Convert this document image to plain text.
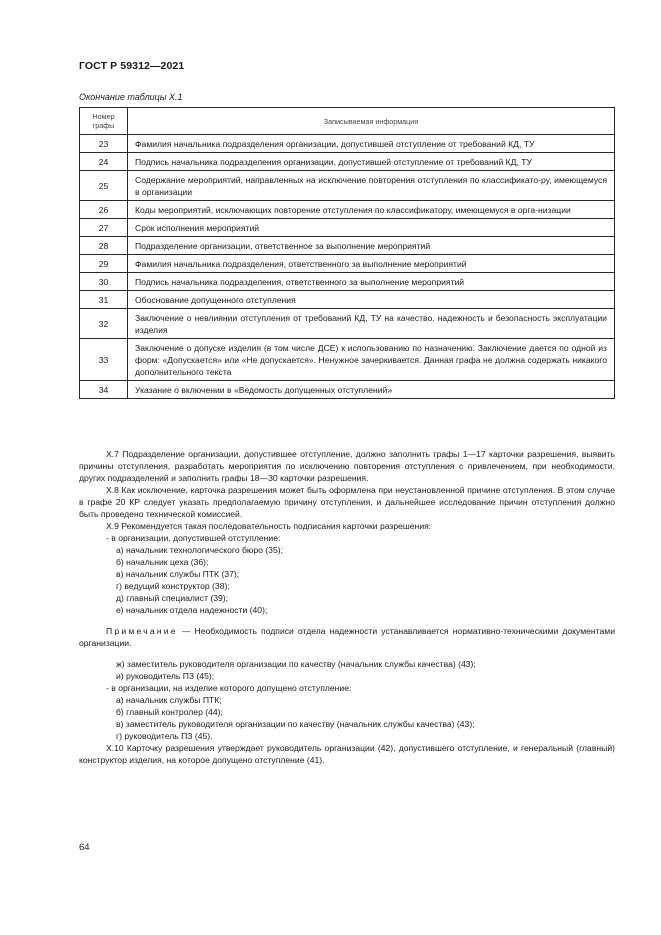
ГОСТ Р 59312—2021
Окончание таблицы Х.1
Номер
графы	Записываемая информация
23	Фамилия начальника подразделения организации, допустившей отступление от требований КД, ТУ
24	Подпись начальника подразделения организации, допустившей отступление от требований КД, ТУ
25	Содержание мероприятий, направленных на исключение повторения отступления по классификато-ру, имеющемуся в организации
26	Коды мероприятий, исключающих повторение отступления по классификатору, имеющемуся в орга-низации
27	Срок исполнения мероприятий
28	Подразделение организации, ответственное за выполнение мероприятий
29	Фамилия начальника подразделения, ответственного за выполнение мероприятий
30	Подпись начальника подразделения, ответственного за выполнение мероприятий
31	Обоснование допущенного отступления
32	Заключение о невлиянии отступления от требований КД, ТУ на качество, надежность и безопасность эксплуатации изделия
33	Заключение о допуске изделия (в том числе ДСЕ) к использованию по назначению. Заключение дается по одной из форм: «Допускается» или «Не допускается». Ненужное зачеркивается. Данная графа не должна содержать никакого дополнительного текста
34	Указание о включении в «Ведомость допущенных отступлений»

Х.7 Подразделение организации, допустившее отступление, должно заполнить графы 1—17 карточки разрешения, выявить причины отступления, разработать мероприятия по исключению повторения отступления с привлечением, при необходимости, других подразделений и заполнить графы 18—30 карточки разрешения.

Х.8 Как исключение, карточка разрешения может быть оформлена при неустановленной причине отступления. В этом случае в графе 20 КР следует указать предполагаемую причину отступления, и дальнейшее исследование причин отступления должно быть проведено технической комиссией.

Х.9 Рекомендуется такая последовательность подписания карточки разрешения:

- в организации, допустившей отступление:

а) начальник технологического бюро (35);

б) начальник цеха (36);

в) начальник службы ПТК (37);

г) ведущий конструктор (38);

д) главный специалист (39);

е) начальник отдела надежности (40);

Примечание — Необходимость подписи отдела надежности устанавливается нормативно-техническими документами организации.

ж) заместитель руководителя организации по качеству (начальник службы качества) (43);

и) руководитель ПЗ (45);

- в организации, на изделие которого допущено отступление:

а) начальник службы ПТК;

б) главный контролер (44);

в) заместитель руководителя организации по качеству (начальник службы качества) (43);

г) руководитель ПЗ (45).

Х.10 Карточку разрешения утверждает руководитель организации (42), допустившего отступление, и генеральный (главный) конструктор изделия, на которое допущено отступление (41).

64
